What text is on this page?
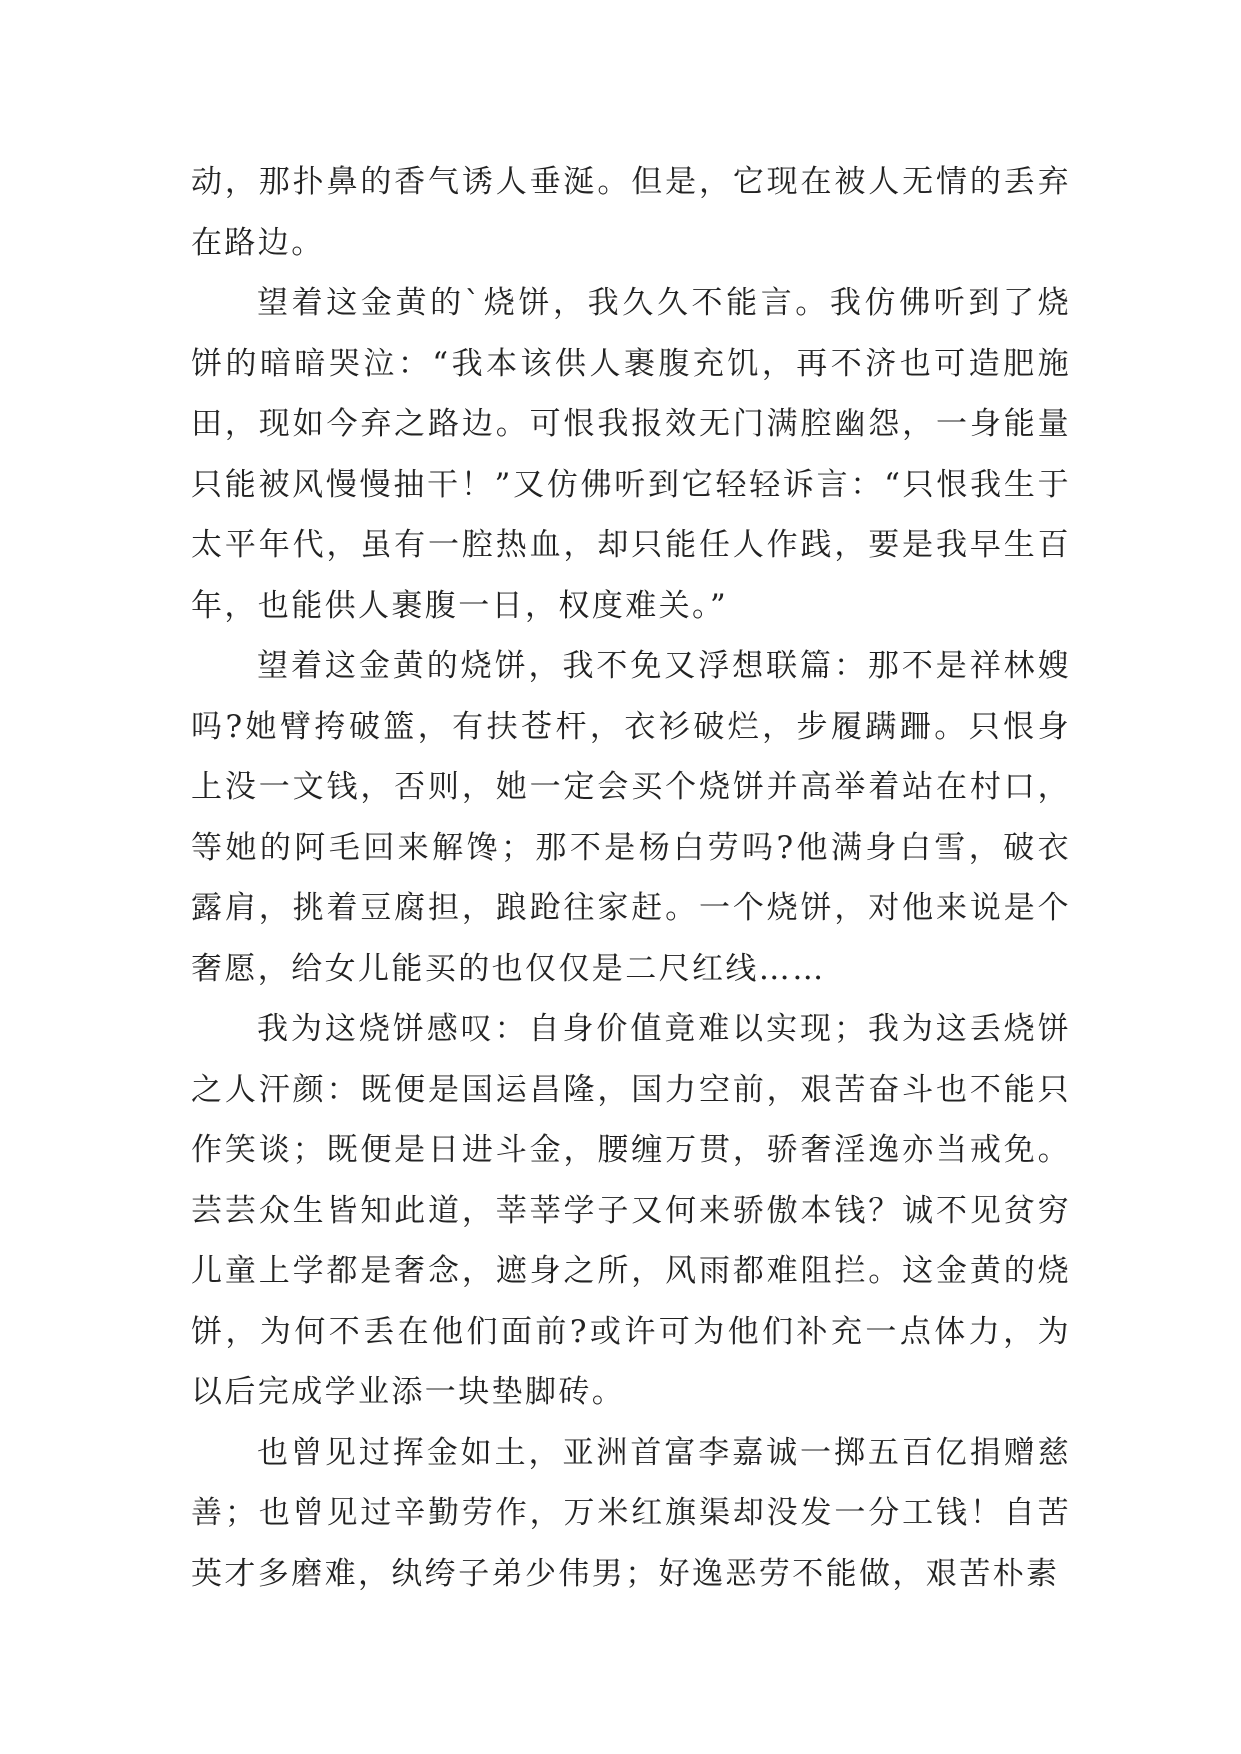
动，那扑鼻的香气诱人垂涎。但是，它现在被人无情的丢弃在路边。

望着这金黄的`烧饼，我久久不能言。我仿佛听到了烧饼的暗暗哭泣：“我本该供人裹腹充饥，再不济也可造肥施田，现如今弃之路边。可恨我报效无门满腔幽怨，一身能量只能被风慢慢抽干！”又仿佛听到它轻轻诉言：“只恨我生于太平年代，虽有一腔热血，却只能任人作践，要是我早生百年，也能供人裹腹一日，权度难关。”

望着这金黄的烧饼，我不免又浮想联篇：那不是祥林嫂吗?她臂挎破篮，有扶苍杆，衣衫破烂，步履蹒跚。只恨身上没一文钱，否则，她一定会买个烧饼并高举着站在村口，等她的阿毛回来解馋；那不是杨白劳吗?他满身白雪，破衣露肩，挑着豆腐担，踉跄往家赶。一个烧饼，对他来说是个奢愿，给女儿能买的也仅仅是二尺红线……

我为这烧饼感叹：自身价值竟难以实现；我为这丢烧饼之人汗颜：既便是国运昌隆，国力空前，艰苦奋斗也不能只作笑谈；既便是日进斗金，腰缠万贯，骄奢淫逸亦当戒免。芸芸众生皆知此道，莘莘学子又何来骄傲本钱？诚不见贫穷儿童上学都是奢念，遮身之所，风雨都难阻拦。这金黄的烧饼，为何不丢在他们面前?或许可为他们补充一点体力，为以后完成学业添一块垫脚砖。

也曾见过挥金如土，亚洲首富李嘉诚一掷五百亿捐赠慈善；也曾见过辛勤劳作，万米红旗渠却没发一分工钱！自苦英才多磨难，纨绔子弟少伟男；好逸恶劳不能做，艰苦朴素
